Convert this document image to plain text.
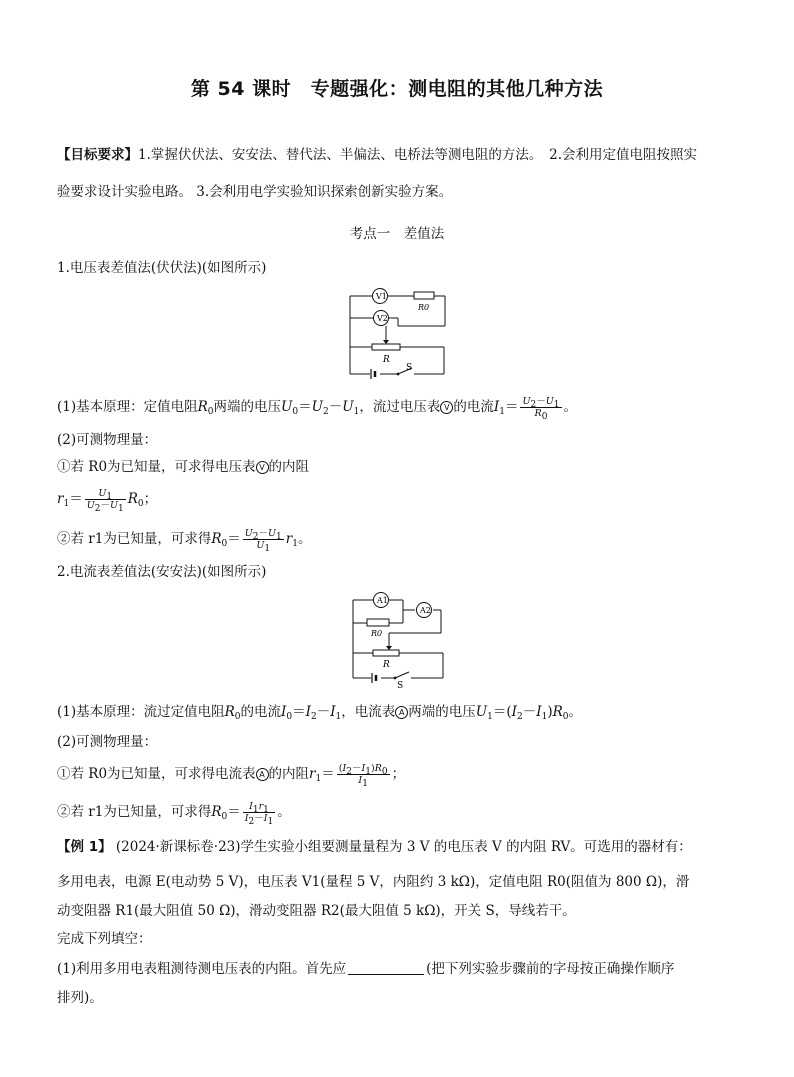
第 54 课时　专题强化：测电阻的其他几种方法
【目标要求】1.掌握伏伏法、安安法、替代法、半偏法、电桥法等测电阻的方法。　2.会利用定值电阻按照实
验要求设计实验电路。 3.会利用电学实验知识探索创新实验方案。
考点一　差值法
1.电压表差值法(伏伏法)(如图所示)
V1
R0
V2
R
S
(1)基本原理：定值电阻$R_0$两端的电压$U_0=U_2-U_1$，流过电压表 V 的电流$I_1= \frac{U_2-U_1}{R_0}$ 。
(2)可测物理量：
①若 R0为已知量，可求得电压表 V 的内阻
$r_1= \frac{U_1}{U_2-U_1} R_0$；
②若 r1为已知量，可求得$R_0= \frac{U_2-U_1}{U_1} r_1$。
2.电流表差值法(安安法)(如图所示)
A1
A2
R0
R
S
(1)基本原理：流过定值电阻$R_0$的电流$I_0=I_2-I_1$，电流表 A 两端的电压$U_1=(I_2-I_1)R_0$。
(2)可测物理量：
①若 R0为已知量，可求得电流表 A 的内阻$r_1= \frac{(I_2-I_1)R_0}{I_1}$ ；
②若 r1为已知量，可求得$R_0= \frac{I_1r_1}{I_2-I_1}$ 。
【例 1】 (2024·新课标卷·23)学生实验小组要测量量程为 3 V 的电压表 V 的内阻 RV。可选用的器材有：
多用电表，电源 E(电动势 5 V)，电压表 V1(量程 5 V，内阻约 3 kΩ)，定值电阻 R0(阻值为 800 Ω)，滑
动变阻器 R1(最大阻值 50 Ω)，滑动变阻器 R2(最大阻值 5 kΩ)，开关 S，导线若干。
完成下列填空：
(1)利用多用电表粗测待测电压表的内阻。首先应	(把下列实验步骤前的字母按正确操作顺序
排列)。
